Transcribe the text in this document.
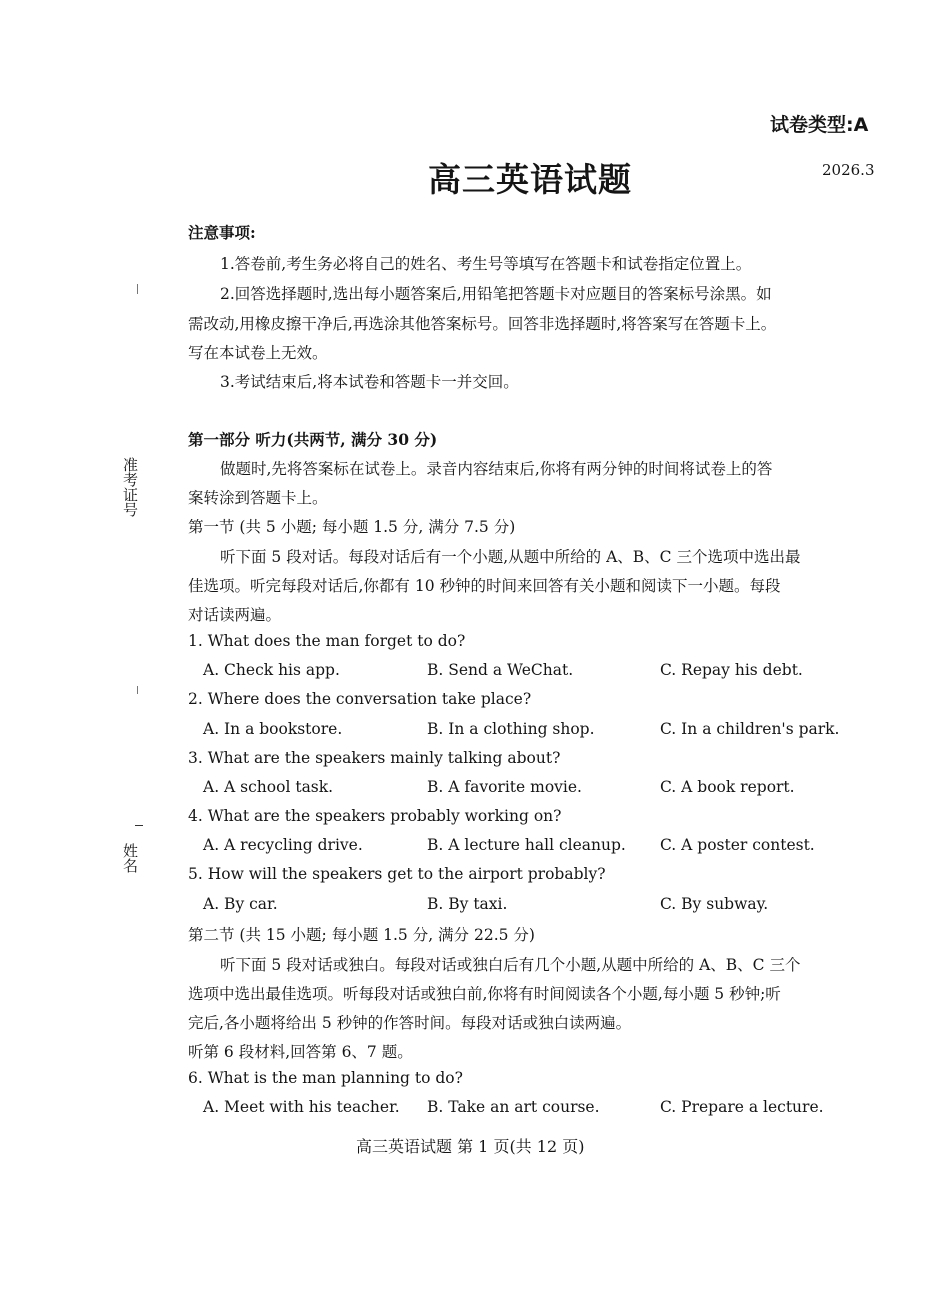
试卷类型:A
高三英语试题	2026.3
准考证号
姓名
注意事项:
1.答卷前,考生务必将自己的姓名、考生号等填写在答题卡和试卷指定位置上。
2.回答选择题时,选出每小题答案后,用铅笔把答题卡对应题目的答案标号涂黑。如
需改动,用橡皮擦干净后,再选涂其他答案标号。回答非选择题时,将答案写在答题卡上。
写在本试卷上无效。
3.考试结束后,将本试卷和答题卡一并交回。
第一部分 听力(共两节, 满分 30 分)
做题时,先将答案标在试卷上。录音内容结束后,你将有两分钟的时间将试卷上的答
案转涂到答题卡上。
第一节 (共 5 小题; 每小题 1.5 分, 满分 7.5 分)
听下面 5 段对话。每段对话后有一个小题,从题中所给的 A、B、C 三个选项中选出最
佳选项。听完每段对话后,你都有 10 秒钟的时间来回答有关小题和阅读下一小题。每段
对话读两遍。
1. What does the man forget to do?
A. Check his app.	B. Send a WeChat.	C. Repay his debt.
2. Where does the conversation take place?
A. In a bookstore.	B. In a clothing shop.	C. In a children's park.
3. What are the speakers mainly talking about?
A. A school task.	B. A favorite movie.	C. A book report.
4. What are the speakers probably working on?
A. A recycling drive.	B. A lecture hall cleanup. C. A poster contest.
5. How will the speakers get to the airport probably?
A. By car.	B. By taxi.	C. By subway.
第二节 (共 15 小题; 每小题 1.5 分, 满分 22.5 分)
听下面 5 段对话或独白。每段对话或独白后有几个小题,从题中所给的 A、B、C 三个
选项中选出最佳选项。听每段对话或独白前,你将有时间阅读各个小题,每小题 5 秒钟;听
完后,各小题将给出 5 秒钟的作答时间。每段对话或独白读两遍。
听第 6 段材料,回答第 6、7 题。
6. What is the man planning to do?
A. Meet with his teacher. B. Take an art course.	C. Prepare a lecture.
高三英语试题 第 1 页(共 12 页)
